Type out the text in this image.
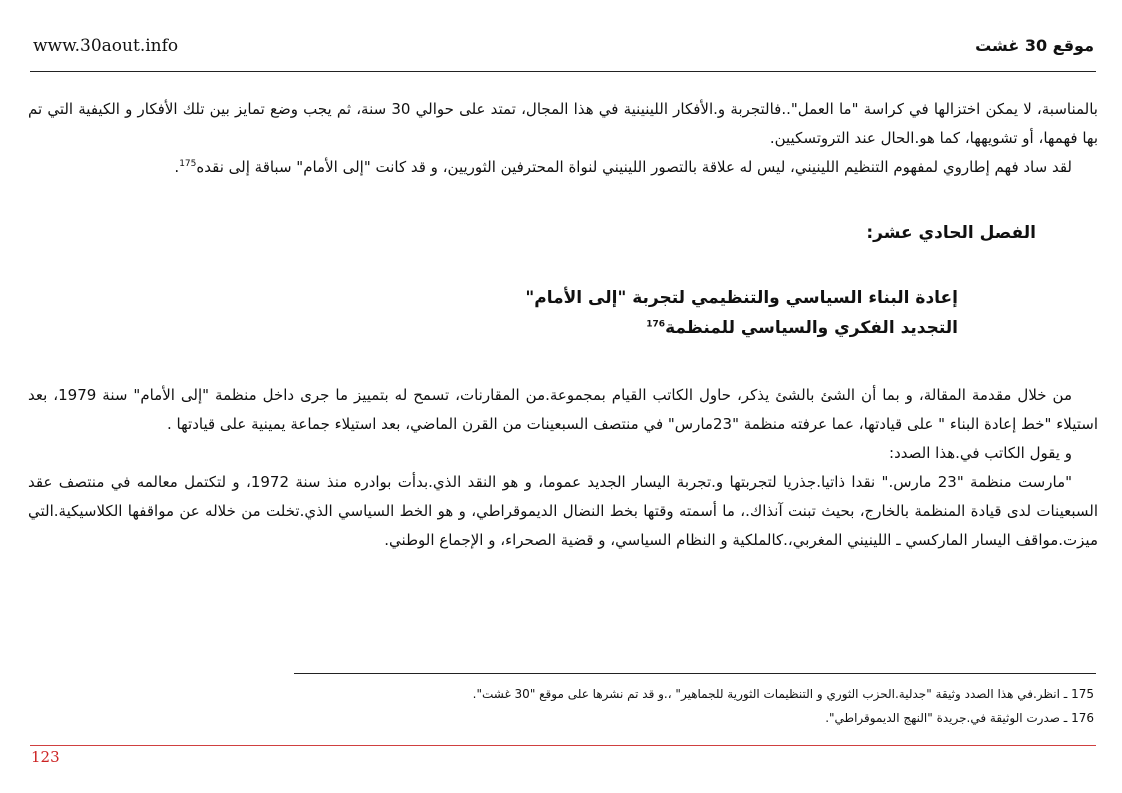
www.30aout.info	موقع 30 غشت

بالمناسبة، لا يمكن اختزالها في كراسة "ما العمل"..فالتجربة و.الأفكار اللينينية في هذا المجال، تمتد على حوالي 30 سنة، ثم يجب وضع تمايز بين تلك الأفكار و الكيفية التي تم بها فهمها، أو تشويهها، كما هو.الحال عند التروتسكيين.

لقد ساد فهم إطاروي لمفهوم التنظيم اللينيني، ليس له علاقة بالتصور اللينيني لنواة المحترفين الثوريين، و قد كانت "إلى الأمام" سباقة إلى نقده$^{175}$.

الفصل الحادي عشر:
إعادة البناء السياسي والتنظيمي لتجربة "إلى الأمام"
التجديد الفكري والسياسي للمنظمة$^{176}$

من خلال مقدمة المقالة، و بما أن الشئ بالشئ يذكر، حاول الكاتب القيام بمجموعة.من المقارنات، تسمح له بتمييز ما جرى داخل منظمة "إلى الأمام" سنة 1979، بعد استيلاء "خط إعادة البناء " على قيادتها، عما عرفته منظمة "23مارس" في منتصف السبعينات من القرن الماضي، بعد استيلاء جماعة يمينية على قيادتها .

و يقول الكاتب في.هذا الصدد:

"مارست منظمة "23 مارس." نقدا ذاتيا.جذريا لتجربتها و.تجربة اليسار الجديد عموما، و هو النقد الذي.بدأت بوادره منذ سنة 1972، و لتكتمل معالمه في منتصف عقد السبعينات لدى قيادة المنظمة بالخارج، بحيث تبنت آنذاك.، ما أسمته وقتها بخط النضال الديموقراطي، و هو الخط السياسي الذي.تخلت من خلاله عن مواقفها الكلاسيكية.التي ميزت.مواقف اليسار الماركسي ـ اللينيني المغربي،.كالملكية و النظام السياسي، و قضية الصحراء، و الإجماع الوطني.

175 ـ انظر.في هذا الصدد وثيقة "جدلية.الحزب الثوري و التنظيمات الثورية للجماهير" ،.و قد تم نشرها على موقع "30 غشت".

176 ـ صدرت الوثيقة في.جريدة "النهج الديموقراطي".

123
